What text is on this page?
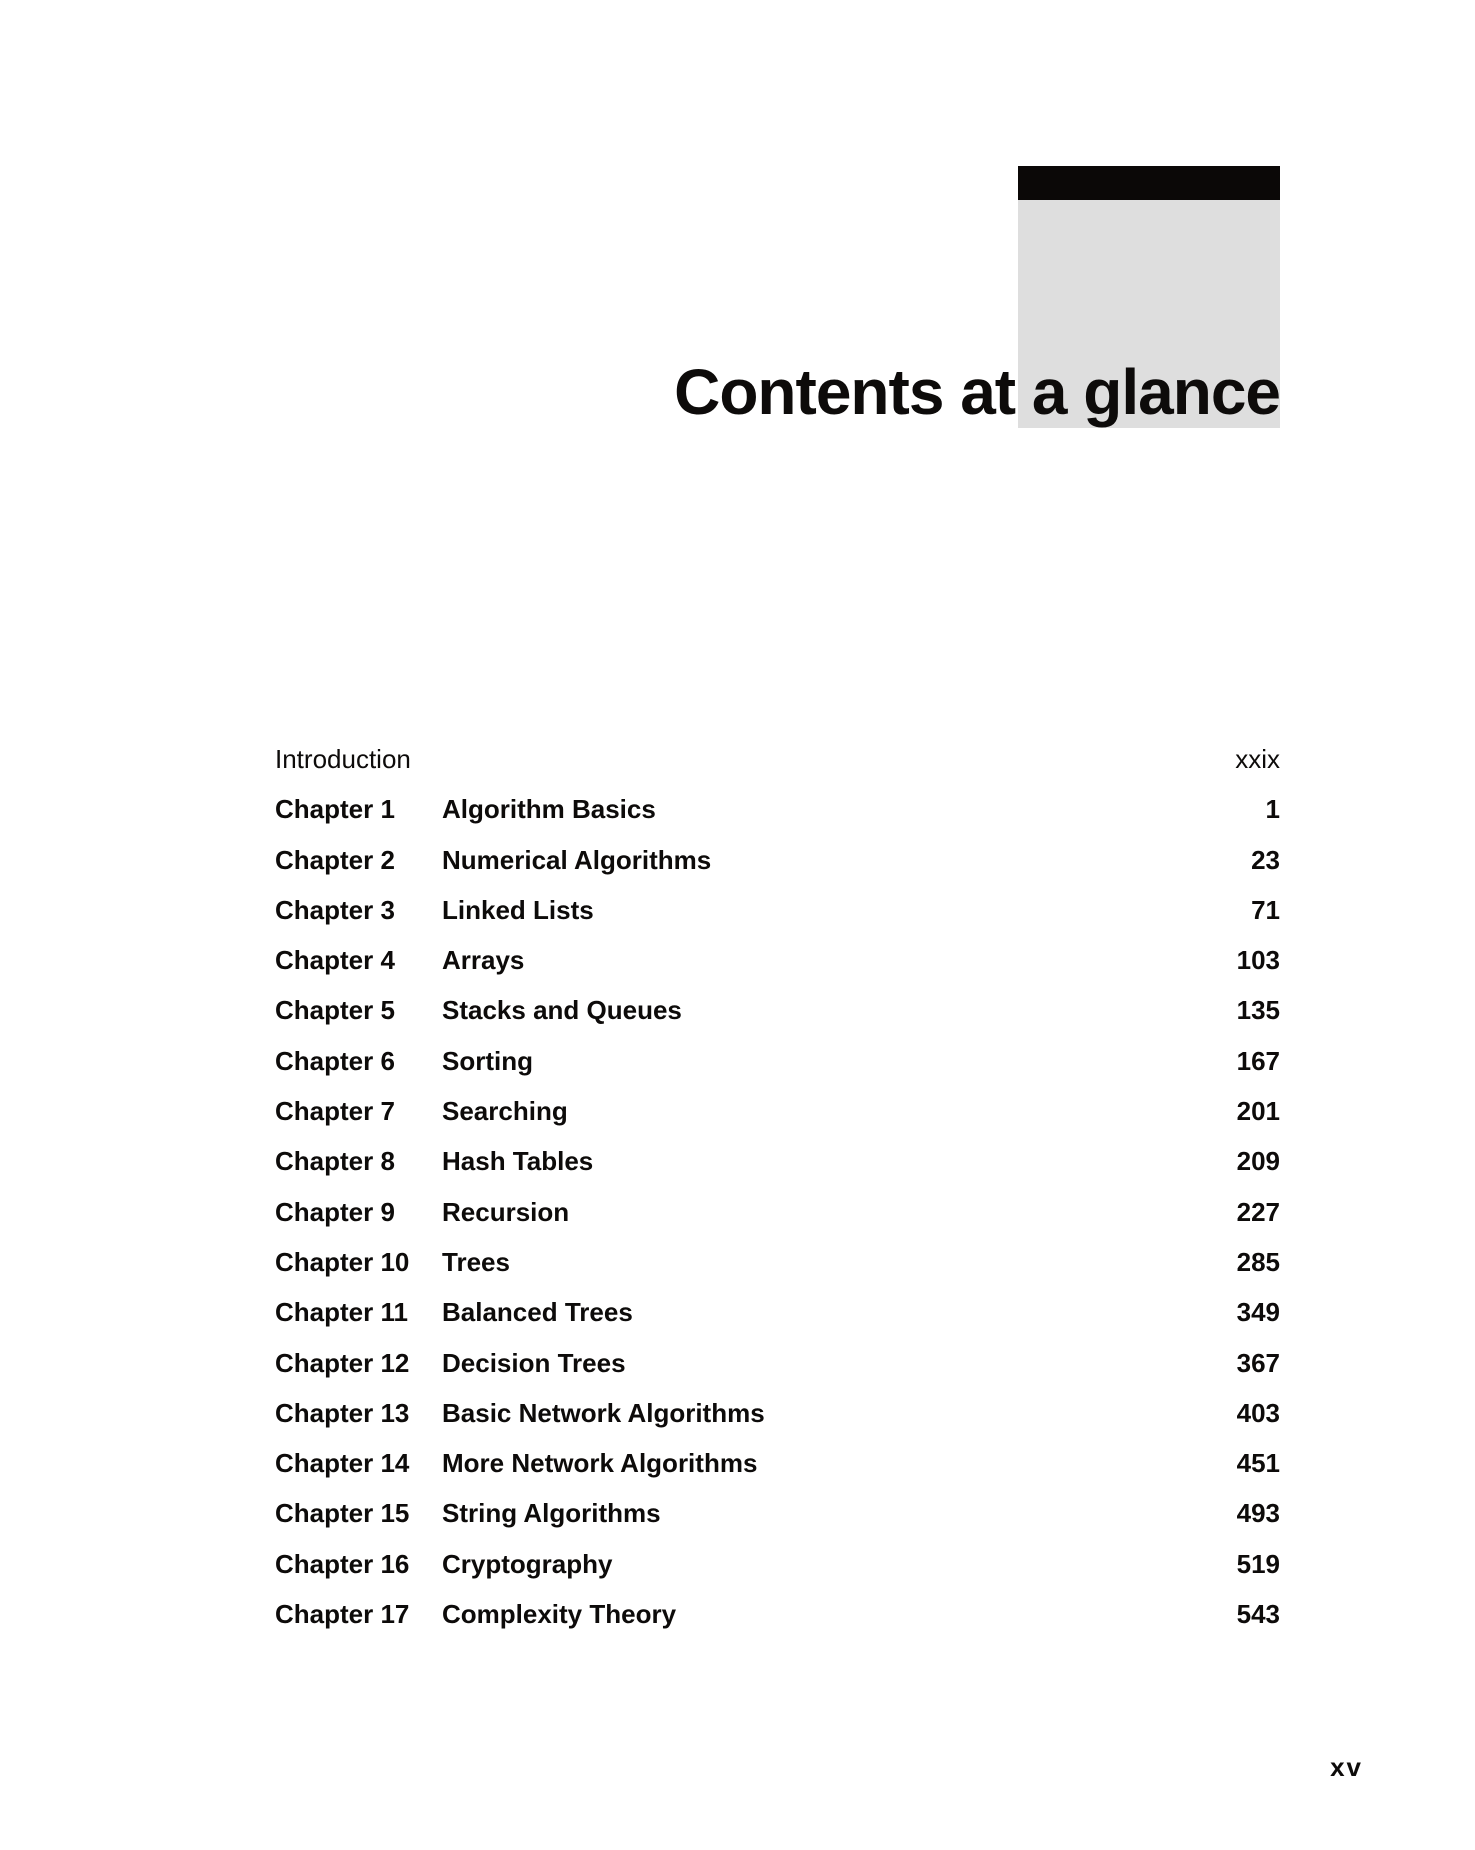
Contents at a glance
Introduction	xxix
Chapter 1 Algorithm Basics	1
Chapter 2 Numerical Algorithms	23
Chapter 3 Linked Lists	71
Chapter 4 Arrays	103
Chapter 5 Stacks and Queues	135
Chapter 6 Sorting	167
Chapter 7 Searching	201
Chapter 8 Hash Tables	209
Chapter 9 Recursion	227
Chapter 10 Trees	285
Chapter 11 Balanced Trees	349
Chapter 12 Decision Trees	367
Chapter 13 Basic Network Algorithms	403
Chapter 14 More Network Algorithms	451
Chapter 15 String Algorithms	493
Chapter 16 Cryptography	519
Chapter 17 Complexity Theory	543
xv
